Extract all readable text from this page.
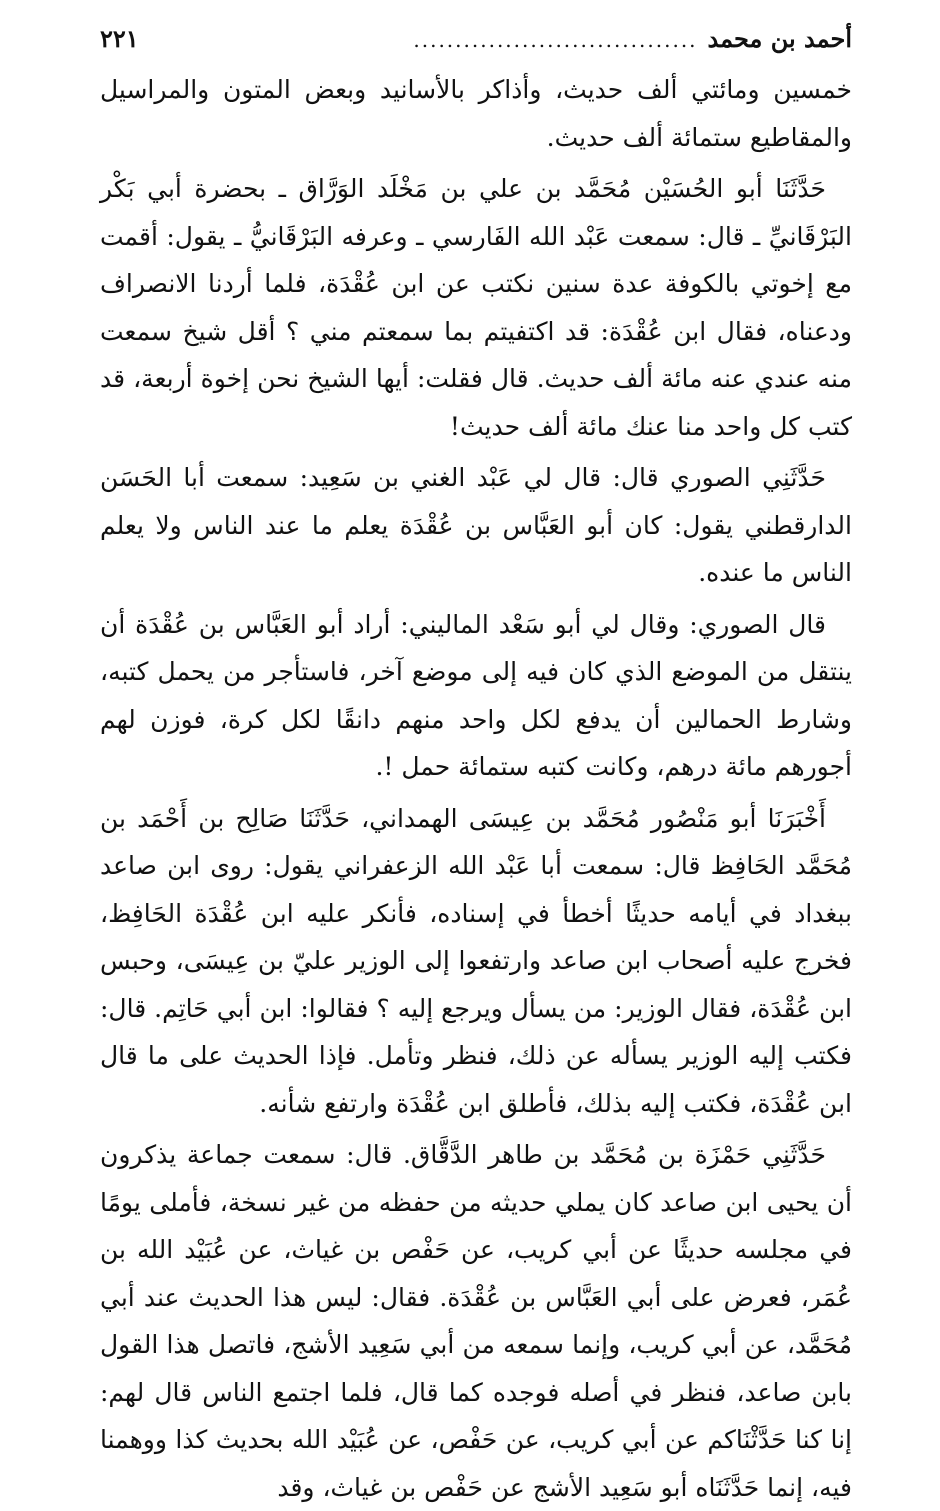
أحمد بن محمد
..................................
٢٢١

خمسين ومائتي ألف حديث، وأذاكر بالأسانيد وبعض المتون والمراسيل والمقاطيع ستمائة ألف حديث.

حَدَّثَنَا أبو الحُسَيْن مُحَمَّد بن علي بن مَخْلَد الوَرَّاق ـ بحضرة أبي بَكْر البَرْقَانيِّ ـ قال: سمعت عَبْد الله الفَارسي ـ وعرفه البَرْقَانيُّ ـ يقول: أقمت مع إخوتي بالكوفة عدة سنين نكتب عن ابن عُقْدَة، فلما أردنا الانصراف ودعناه، فقال ابن عُقْدَة: قد اكتفيتم بما سمعتم مني ؟ أقل شيخ سمعت منه عندي عنه مائة ألف حديث. قال فقلت: أيها الشيخ نحن إخوة أربعة، قد كتب كل واحد منا عنك مائة ألف حديث!

حَدَّثَنِي الصوري قال: قال لي عَبْد الغني بن سَعِيد: سمعت أبا الحَسَن الدارقطني يقول: كان أبو العَبَّاس بن عُقْدَة يعلم ما عند الناس ولا يعلم الناس ما عنده.

قال الصوري: وقال لي أبو سَعْد الماليني: أراد أبو العَبَّاس بن عُقْدَة أن ينتقل من الموضع الذي كان فيه إلى موضع آخر، فاستأجر من يحمل كتبه، وشارط الحمالين أن يدفع لكل واحد منهم دانقًا لكل كرة، فوزن لهم أجورهم مائة درهم، وكانت كتبه ستمائة حمل !.

أَخْبَرَنَا أبو مَنْصُور مُحَمَّد بن عِيسَى الهمداني، حَدَّثَنَا صَالِح بن أَحْمَد بن مُحَمَّد الحَافِظ قال: سمعت أبا عَبْد الله الزعفراني يقول: روى ابن صاعد ببغداد في أيامه حديثًا أخطأ في إسناده، فأنكر عليه ابن عُقْدَة الحَافِظ، فخرج عليه أصحاب ابن صاعد وارتفعوا إلى الوزير عليّ بن عِيسَى، وحبس ابن عُقْدَة، فقال الوزير: من يسأل ويرجع إليه ؟ فقالوا: ابن أبي حَاتِم. قال: فكتب إليه الوزير يسأله عن ذلك، فنظر وتأمل. فإذا الحديث على ما قال ابن عُقْدَة، فكتب إليه بذلك، فأطلق ابن عُقْدَة وارتفع شأنه.

حَدَّثَنِي حَمْزَة بن مُحَمَّد بن طاهر الدَّقَّاق. قال: سمعت جماعة يذكرون أن يحيى ابن صاعد كان يملي حديثه من حفظه من غير نسخة، فأملى يومًا في مجلسه حديثًا عن أبي كريب، عن حَفْص بن غياث، عن عُبَيْد الله بن عُمَر، فعرض على أبي العَبَّاس بن عُقْدَة. فقال: ليس هذا الحديث عند أبي مُحَمَّد، عن أبي كريب، وإنما سمعه من أبي سَعِيد الأشج، فاتصل هذا القول بابن صاعد، فنظر في أصله فوجده كما قال، فلما اجتمع الناس قال لهم: إنا كنا حَدَّثْنَاكم عن أبي كريب، عن حَفْص، عن عُبَيْد الله بحديث كذا ووهمنا فيه، إنما حَدَّثَنَاه أبو سَعِيد الأشج عن حَفْص بن غياث، وقد
